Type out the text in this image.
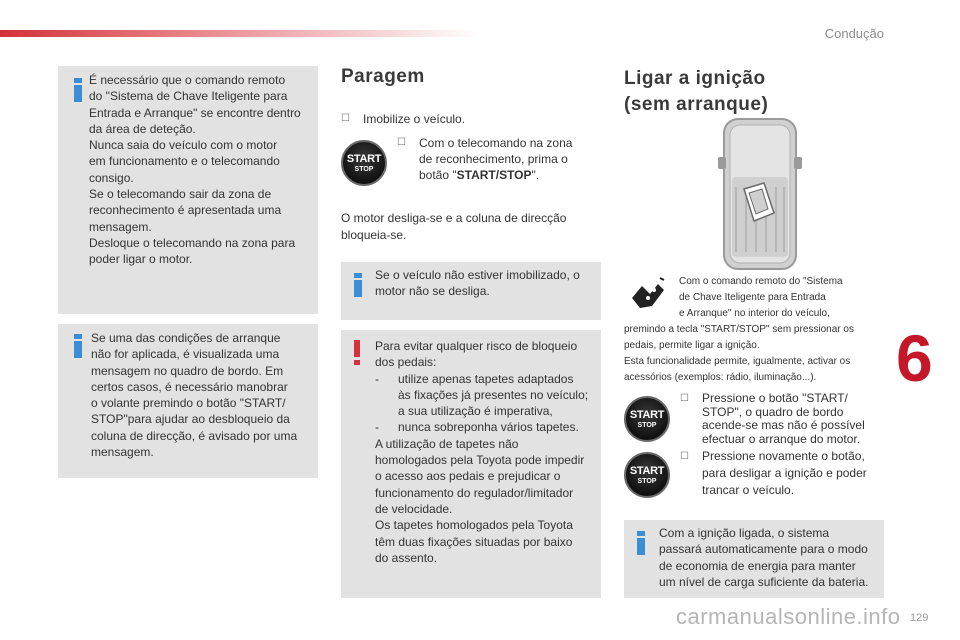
Condução
6

É necessário que o comando remoto

do "Sistema de Chave Iteligente para

Entrada e Arranque" se encontre dentro

da área de deteção.

Nunca saia do veículo com o motor

em funcionamento e o telecomando

consigo.

Se o telecomando sair da zona de

reconhecimento é apresentada uma

mensagem.

Desloque o telecomando na zona para

poder ligar o motor.

Se uma das condições de arranque

não for aplicada, é visualizada uma

mensagem no quadro de bordo. Em

certos casos, é necessário manobrar

o volante premindo o botão "START/

STOP"para ajudar ao desbloqueio da

coluna de direcção, é avisado por uma

mensagem.

Paragem
☐	Imobilize o veículo.
START
STOP
☐	Com o telecomando na zona
de reconhecimento, prima o
botão "START/STOP".
O motor desliga-se e a coluna de direcção
bloqueia-se.

Se o veículo não estiver imobilizado, o

motor não se desliga.

Para evitar qualquer risco de bloqueio

dos pedais:

- utilize apenas tapetes adaptados

às fixações já presentes no veículo;

a sua utilização é imperativa,

- nunca sobreponha vários tapetes.

A utilização de tapetes não

homologados pela Toyota pode impedir

o acesso aos pedais e prejudicar o

funcionamento do regulador/limitador

de velocidade.

Os tapetes homologados pela Toyota

têm duas fixações situadas por baixo

do assento.

Ligar a ignição
(sem arranque)
Com o comando remoto do "Sistema
de Chave Iteligente para Entrada
e Arranque" no interior do veículo,
premindo a tecla "START/STOP" sem pressionar os
pedais, permite ligar a ignição.
Esta funcionalidade permite, igualmente, activar os
acessórios (exemplos: rádio, iluminação...).
START
STOP
☐	Pressione o botão "START/
STOP", o quadro de bordo
acende-se mas não é possível
efectuar o arranque do motor.
START
STOP
☐	Pressione novamente o botão,
para desligar a ignição e poder
trancar o veículo.

Com a ignição ligada, o sistema

passará automaticamente para o modo

de economia de energia para manter

um nível de carga suficiente da bateria.

carmanualsonline.info 129
